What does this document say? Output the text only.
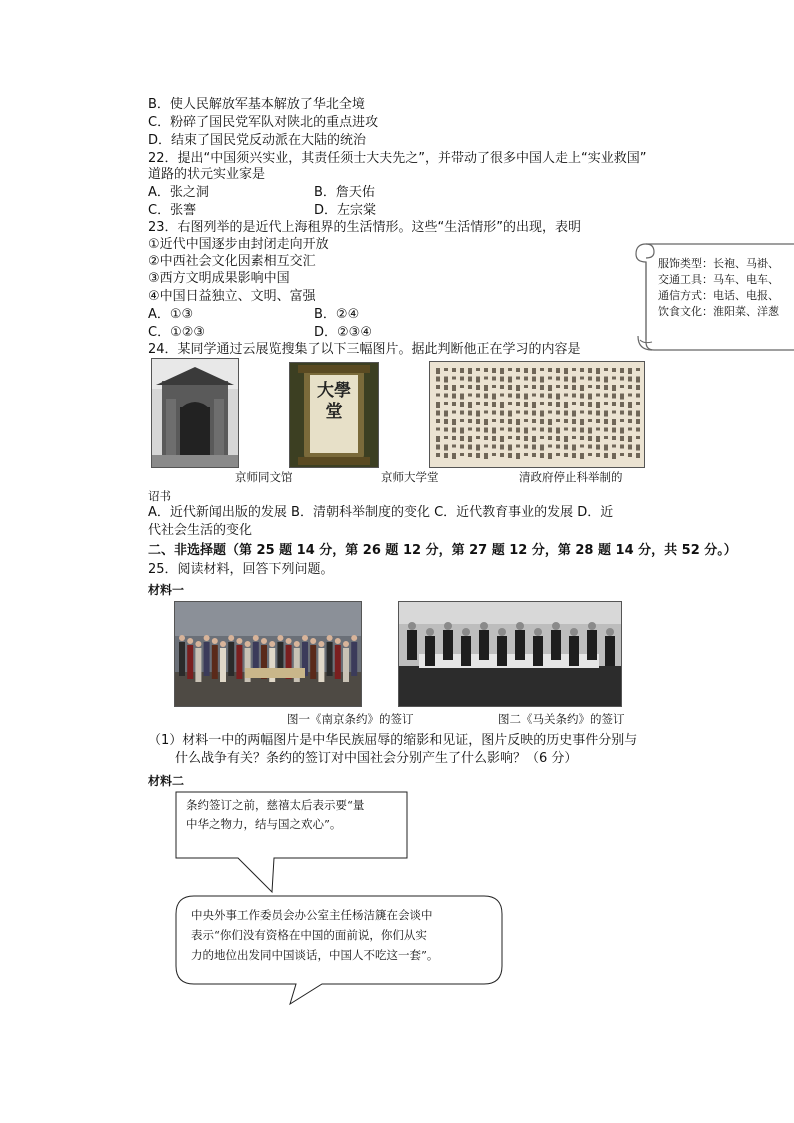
B．使人民解放军基本解放了华北全境
C．粉碎了国民党军队对陕北的重点进攻
D．结束了国民党反动派在大陆的统治
22．提出“中国须兴实业，其责任须士大夫先之”，并带动了很多中国人走上“实业救国”
道路的状元实业家是
A．张之洞	B．詹天佑
C．张謇	D．左宗棠
23．右图列举的是近代上海租界的生活情形。这些“生活情形”的出现，表明
①近代中国逐步由封闭走向开放
②中西社会文化因素相互交汇
③西方文明成果影响中国
④中国日益独立、文明、富强
A．①③	B．②④
C．①②③	D．②③④
服饰类型：长袍、马褂、
交通工具：马车、电车、
通信方式：电话、电报、
饮食文化：淮阳菜、洋葱
24．某同学通过云展览搜集了以下三幅图片。据此判断他正在学习的内容是
大學堂
京师同文馆	京师大学堂	清政府停止科举制的
诏书
A．近代新闻出版的发展 B．清朝科举制度的变化 C．近代教育事业的发展 D．近
代社会生活的变化
二、非选择题（第 25 题 14 分，第 26 题 12 分，第 27 题 12 分，第 28 题 14 分，共 52 分。）
25．阅读材料，回答下列问题。
材料一
图一《南京条约》的签订	图二《马关条约》的签订
（1）材料一中的两幅图片是中华民族屈辱的缩影和见证，图片反映的历史事件分别与
什么战争有关？条约的签订对中国社会分别产生了什么影响？（6 分）
材料二
条约签订之前，慈禧太后表示要“量
中华之物力，结与国之欢心”。
中央外事工作委员会办公室主任杨洁篪在会谈中
表示“你们没有资格在中国的面前说，你们从实
力的地位出发同中国谈话，中国人不吃这一套”。
